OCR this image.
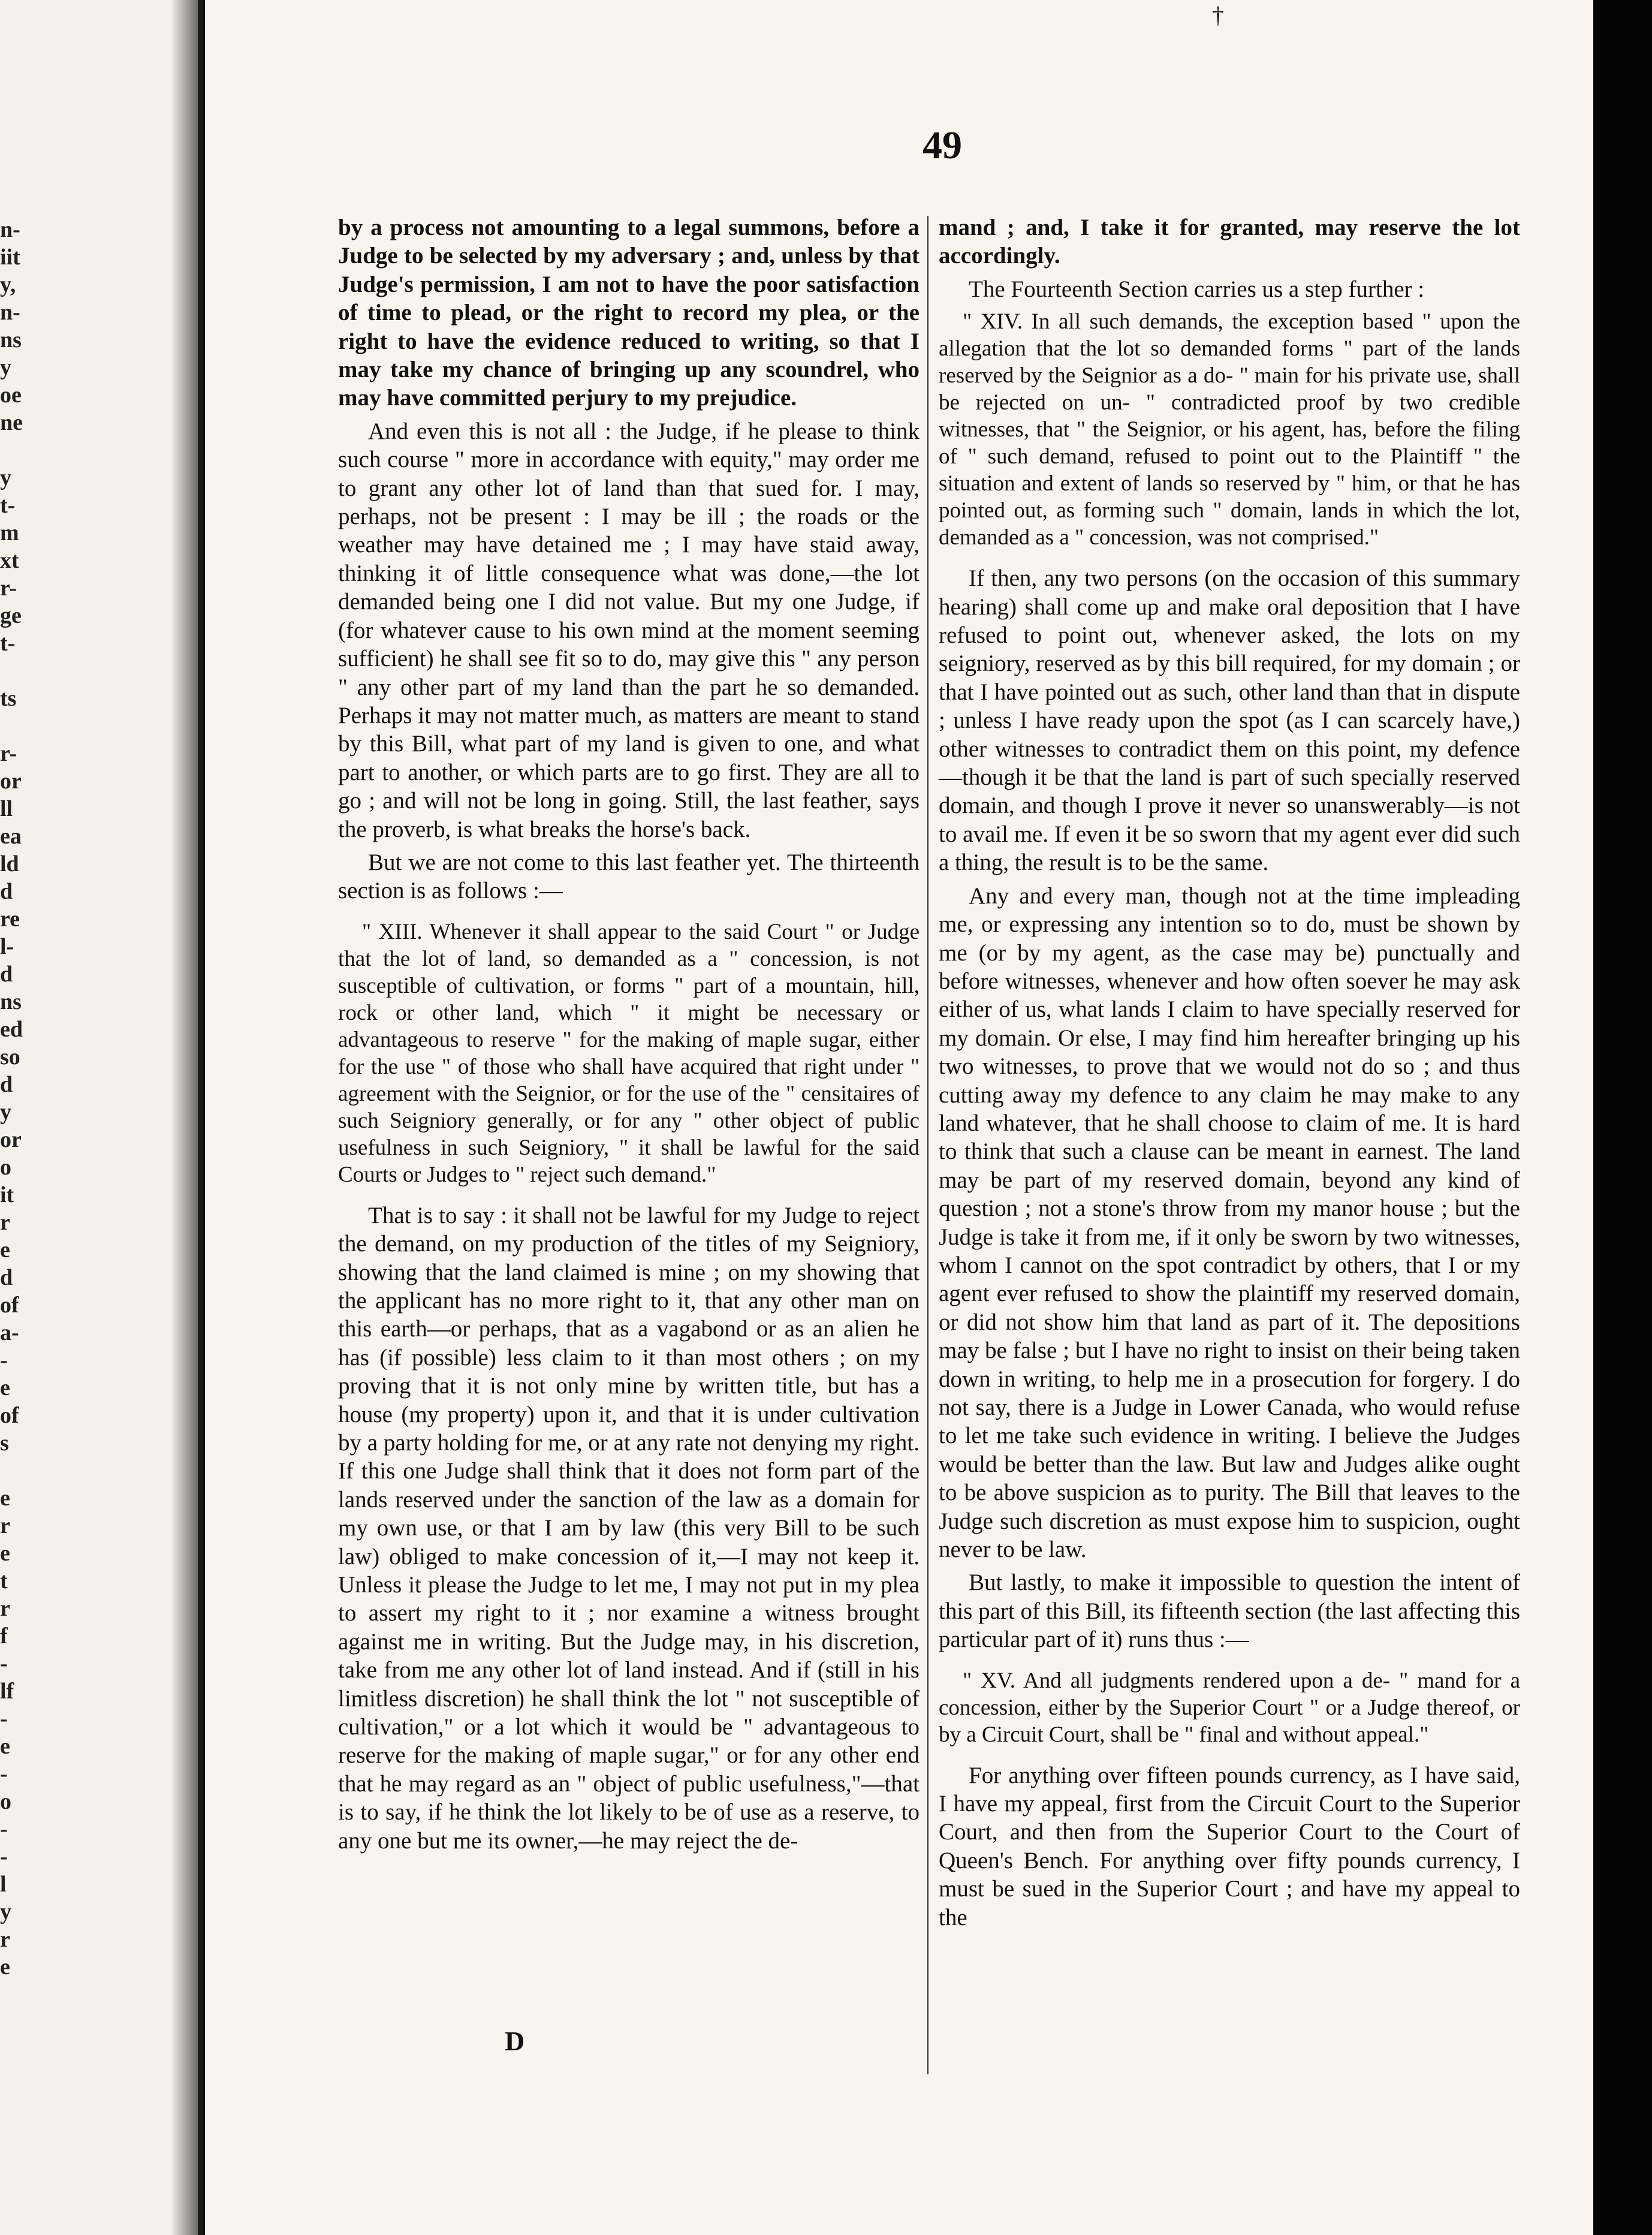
n-
iit
y,
n-
ns
y
oe
ne

y
t-
m
xt
r-
ge
t-

ts

r-
or
ll
ea
ld
d
re
l-
d
ns
ed
so
d
y
or
o
it
r
e
d
of
a-
-
e
of
s

e
r
e
t
r
f
-
lf
-
e
-
o
-
-
l
y
r
e
†
49

by a process not amounting to a legal summons, before a Judge to be selected by my adversary ; and, unless by that Judge's permission, I am not to have the poor satisfaction of time to plead, or the right to record my plea, or the right to have the evidence reduced to writing, so that I may take my chance of bringing up any scoundrel, who may have committed perjury to my prejudice.

And even this is not all : the Judge, if he please to think such course " more in accordance with equity," may order me to grant any other lot of land than that sued for. I may, perhaps, not be present : I may be ill ; the roads or the weather may have detained me ; I may have staid away, thinking it of little consequence what was done,—the lot demanded being one I did not value. But my one Judge, if (for whatever cause to his own mind at the moment seeming sufficient) he shall see fit so to do, may give this " any person " any other part of my land than the part he so demanded. Perhaps it may not matter much, as matters are meant to stand by this Bill, what part of my land is given to one, and what part to another, or which parts are to go first. They are all to go ; and will not be long in going. Still, the last feather, says the proverb, is what breaks the horse's back.

But we are not come to this last feather yet. The thirteenth section is as follows :—

" XIII. Whenever it shall appear to the said Court " or Judge that the lot of land, so demanded as a " concession, is not susceptible of cultivation, or forms " part of a mountain, hill, rock or other land, which " it might be necessary or advantageous to reserve " for the making of maple sugar, either for the use " of those who shall have acquired that right under " agreement with the Seignior, or for the use of the " censitaires of such Seigniory generally, or for any " other object of public usefulness in such Seigniory, " it shall be lawful for the said Courts or Judges to " reject such demand."

That is to say : it shall not be lawful for my Judge to reject the demand, on my production of the titles of my Seigniory, showing that the land claimed is mine ; on my showing that the applicant has no more right to it, that any other man on this earth—or perhaps, that as a vagabond or as an alien he has (if possible) less claim to it than most others ; on my proving that it is not only mine by written title, but has a house (my property) upon it, and that it is under cultivation by a party holding for me, or at any rate not denying my right. If this one Judge shall think that it does not form part of the lands reserved under the sanction of the law as a domain for my own use, or that I am by law (this very Bill to be such law) obliged to make concession of it,—I may not keep it. Unless it please the Judge to let me, I may not put in my plea to assert my right to it ; nor examine a witness brought against me in writing. But the Judge may, in his discretion, take from me any other lot of land instead. And if (still in his limitless discretion) he shall think the lot " not susceptible of cultivation," or a lot which it would be " advantageous to reserve for the making of maple sugar," or for any other end that he may regard as an " object of public usefulness,"—that is to say, if he think the lot likely to be of use as a reserve, to any one but me its owner,—he may reject the de-

mand ; and, I take it for granted, may reserve the lot accordingly.

The Fourteenth Section carries us a step further :

" XIV. In all such demands, the exception based " upon the allegation that the lot so demanded forms " part of the lands reserved by the Seignior as a do- " main for his private use, shall be rejected on un- " contradicted proof by two credible witnesses, that " the Seignior, or his agent, has, before the filing of " such demand, refused to point out to the Plaintiff " the situation and extent of lands so reserved by " him, or that he has pointed out, as forming such " domain, lands in which the lot, demanded as a " concession, was not comprised."

If then, any two persons (on the occasion of this summary hearing) shall come up and make oral deposition that I have refused to point out, whenever asked, the lots on my seigniory, reserved as by this bill required, for my domain ; or that I have pointed out as such, other land than that in dispute ; unless I have ready upon the spot (as I can scarcely have,) other witnesses to contradict them on this point, my defence—though it be that the land is part of such specially reserved domain, and though I prove it never so unanswerably—is not to avail me. If even it be so sworn that my agent ever did such a thing, the result is to be the same.

Any and every man, though not at the time impleading me, or expressing any intention so to do, must be shown by me (or by my agent, as the case may be) punctually and before witnesses, whenever and how often soever he may ask either of us, what lands I claim to have specially reserved for my domain. Or else, I may find him hereafter bringing up his two witnesses, to prove that we would not do so ; and thus cutting away my defence to any claim he may make to any land whatever, that he shall choose to claim of me. It is hard to think that such a clause can be meant in earnest. The land may be part of my reserved domain, beyond any kind of question ; not a stone's throw from my manor house ; but the Judge is take it from me, if it only be sworn by two witnesses, whom I cannot on the spot contradict by others, that I or my agent ever refused to show the plaintiff my reserved domain, or did not show him that land as part of it. The depositions may be false ; but I have no right to insist on their being taken down in writing, to help me in a prosecution for forgery. I do not say, there is a Judge in Lower Canada, who would refuse to let me take such evidence in writing. I believe the Judges would be better than the law. But law and Judges alike ought to be above suspicion as to purity. The Bill that leaves to the Judge such discretion as must expose him to suspicion, ought never to be law.

But lastly, to make it impossible to question the intent of this part of this Bill, its fifteenth section (the last affecting this particular part of it) runs thus :—

" XV. And all judgments rendered upon a de- " mand for a concession, either by the Superior Court " or a Judge thereof, or by a Circuit Court, shall be " final and without appeal."

For anything over fifteen pounds currency, as I have said, I have my appeal, first from the Circuit Court to the Superior Court, and then from the Superior Court to the Court of Queen's Bench. For anything over fifty pounds currency, I must be sued in the Superior Court ; and have my appeal to the

D
